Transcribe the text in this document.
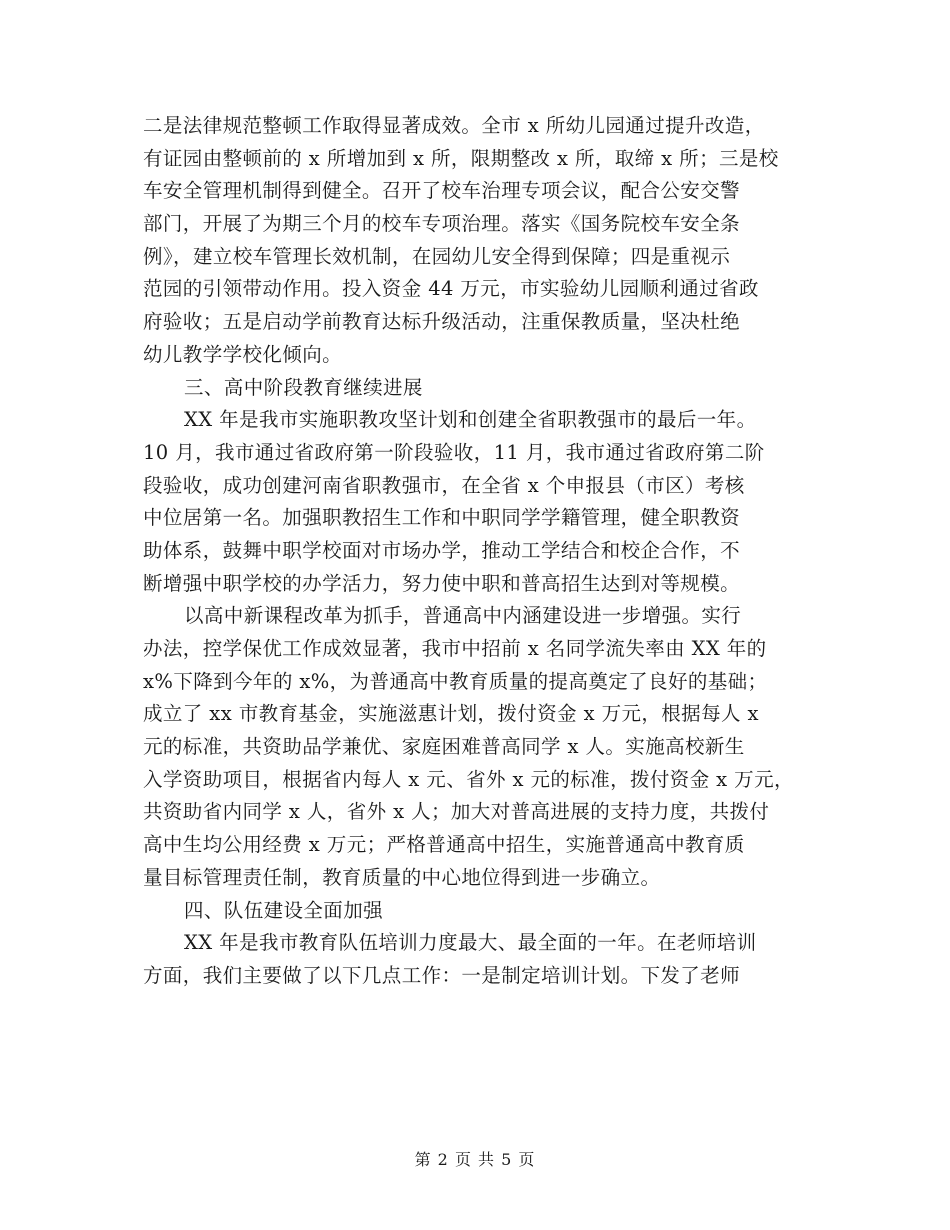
二是法律规范整顿工作取得显著成效。全市 x 所幼儿园通过提升改造，
有证园由整顿前的 x 所增加到 x 所，限期整改 x 所，取缔 x 所；三是校
车安全管理机制得到健全。召开了校车治理专项会议，配合公安交警
部门，开展了为期三个月的校车专项治理。落实《国务院校车安全条
例》，建立校车管理长效机制，在园幼儿安全得到保障；四是重视示
范园的引领带动作用。投入资金 44 万元，市实验幼儿园顺利通过省政
府验收；五是启动学前教育达标升级活动，注重保教质量，坚决杜绝
幼儿教学学校化倾向。
三、高中阶段教育继续进展
XX 年是我市实施职教攻坚计划和创建全省职教强市的最后一年。
10 月，我市通过省政府第一阶段验收，11 月，我市通过省政府第二阶
段验收，成功创建河南省职教强市，在全省 x 个申报县（市区）考核
中位居第一名。加强职教招生工作和中职同学学籍管理，健全职教资
助体系，鼓舞中职学校面对市场办学，推动工学结合和校企合作，不
断增强中职学校的办学活力，努力使中职和普高招生达到对等规模。
以高中新课程改革为抓手，普通高中内涵建设进一步增强。实行
办法，控学保优工作成效显著，我市中招前 x 名同学流失率由 XX 年的
x%下降到今年的 x%，为普通高中教育质量的提高奠定了良好的基础；
成立了 xx 市教育基金，实施滋惠计划，拨付资金 x 万元，根据每人 x
元的标准，共资助品学兼优、家庭困难普高同学 x 人。实施高校新生
入学资助项目，根据省内每人 x 元、省外 x 元的标准，拨付资金 x 万元，
共资助省内同学 x 人，省外 x 人；加大对普高进展的支持力度，共拨付
高中生均公用经费 x 万元；严格普通高中招生，实施普通高中教育质
量目标管理责任制，教育质量的中心地位得到进一步确立。
四、队伍建设全面加强
XX 年是我市教育队伍培训力度最大、最全面的一年。在老师培训
方面，我们主要做了以下几点工作：一是制定培训计划。下发了老师
第 2 页 共 5 页
